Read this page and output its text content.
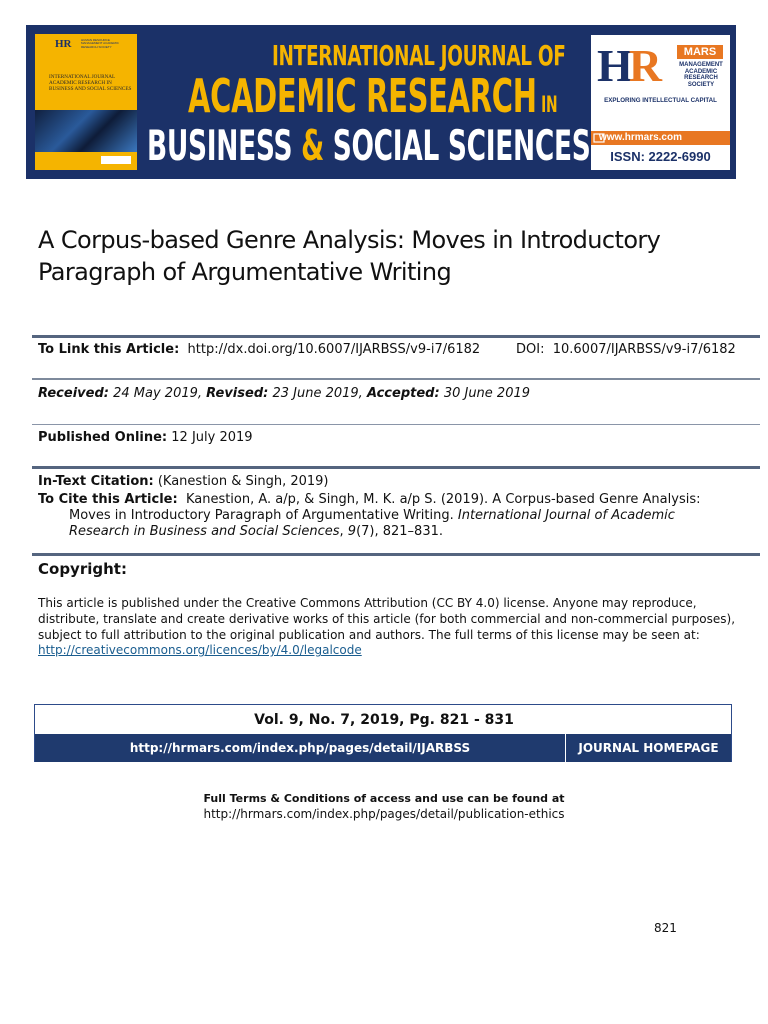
HR	HUMAN RESOURCE MANAGEMENT ACADEMIC RESEARCH SOCIETY
INTERNATIONAL JOURNAL ACADEMIC RESEARCH IN BUSINESS AND SOCIAL SCIENCES
INTERNATIONAL JOURNAL OF
ACADEMIC RESEARCH IN
BUSINESS & SOCIAL SCIENCES
HR	MARS
MANAGEMENT ACADEMIC RESEARCH SOCIETY
EXPLORING INTELLECTUAL CAPITAL
www.hrmars.com
ISSN: 2222-6990
A Corpus-based Genre Analysis: Moves in Introductory Paragraph of Argumentative Writing
To Link this Article: http://dx.doi.org/10.6007/IJARBSS/v9-i7/6182	DOI: 10.6007/IJARBSS/v9-i7/6182
Received: 24 May 2019, Revised: 23 June 2019, Accepted: 30 June 2019
Published Online: 12 July 2019
In-Text Citation: (Kanestion & Singh, 2019)
To Cite this Article: Kanestion, A. a/p, & Singh, M. K. a/p S. (2019). A Corpus-based Genre Analysis: Moves in Introductory Paragraph of Argumentative Writing. International Journal of Academic Research in Business and Social Sciences, 9(7), 821–831.
Copyright:
This article is published under the Creative Commons Attribution (CC BY 4.0) license. Anyone may reproduce, distribute, translate and create derivative works of this article (for both commercial and non-commercial purposes), subject to full attribution to the original publication and authors. The full terms of this license may be seen at: http://creativecommons.org/licences/by/4.0/legalcode
Vol. 9, No. 7, 2019, Pg. 821 - 831
http://hrmars.com/index.php/pages/detail/IJARBSS	JOURNAL HOMEPAGE
Full Terms & Conditions of access and use can be found at
http://hrmars.com/index.php/pages/detail/publication-ethics
821
